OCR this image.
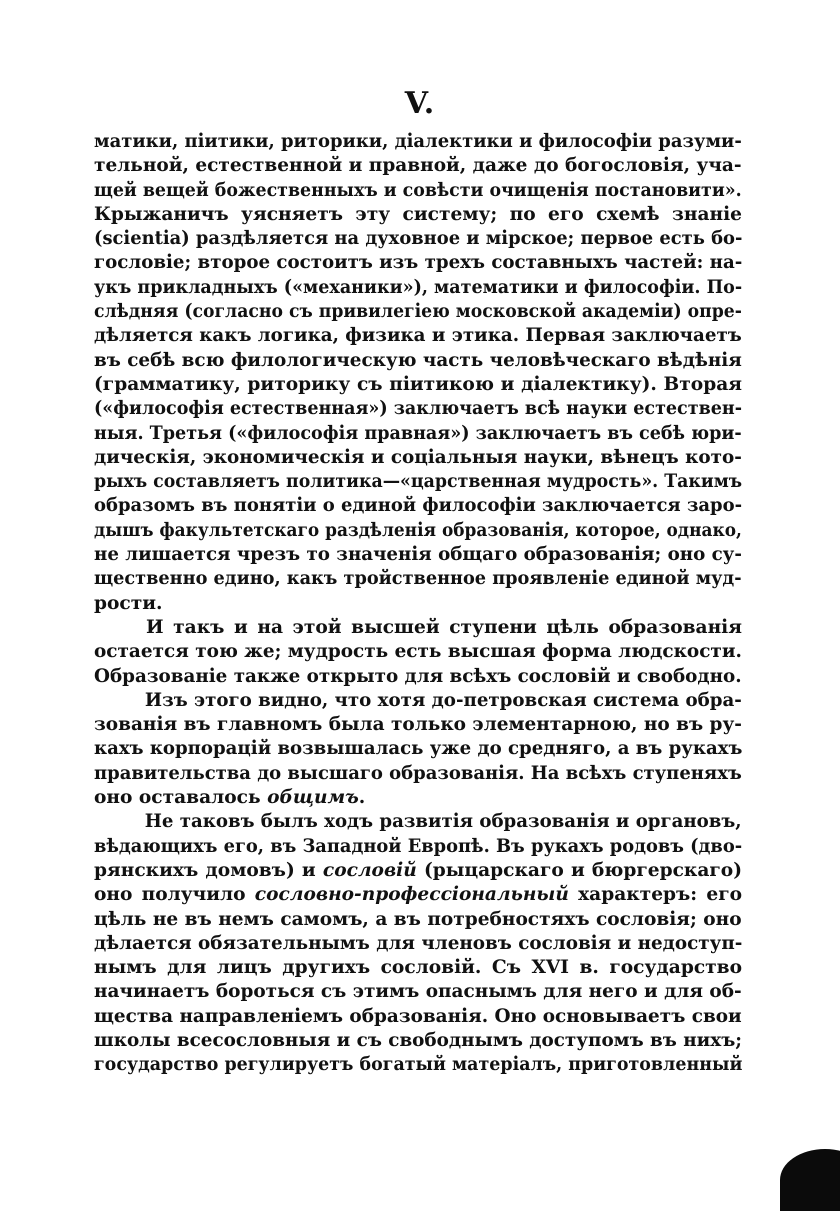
V.
матики, піитики, риторики, діалектики и философіи разуми-
тельной, естественной и правной, даже до богословія, уча-
щей вещей божественныхъ и совѣсти очищенія постановити».
Крыжаничъ уясняетъ эту систему; по его схемѣ знаніе
(scientia) раздѣляется на духовное и мірское; первое есть бо-
гословіе; второе состоитъ изъ трехъ составныхъ частей: на-
укъ прикладныхъ («механики»), математики и философіи. По-
слѣдняя (согласно съ привилегіею московской академіи) опре-
дѣляется какъ логика, физика и этика. Первая заключаетъ
въ себѣ всю филологическую часть человѣческаго вѣдѣнія
(грамматику, риторику съ піитикою и діалектику). Вторая
(«философія естественная») заключаетъ всѣ науки естествен-
ныя. Третья («философія правная») заключаетъ въ себѣ юри-
дическія, экономическія и соціальныя науки, вѣнецъ кото-
рыхъ составляетъ политика—«царственная мудрость». Такимъ
образомъ въ понятіи о единой философіи заключается заро-
дышъ факультетскаго раздѣленія образованія, которое, однако,
не лишается чрезъ то значенія общаго образованія; оно су-
щественно едино, какъ тройственное проявленіе единой муд-
рости.
И такъ и на этой высшей ступени цѣль образованія
остается тою же; мудрость есть высшая форма людскости.
Образованіе также открыто для всѣхъ сословій и свободно.
Изъ этого видно, что хотя до-петровская система обра-
зованія въ главномъ была только элементарною, но въ ру-
кахъ корпорацій возвышалась уже до средняго, а въ рукахъ
правительства до высшаго образованія. На всѣхъ ступеняхъ
оно оставалось общимъ.
Не таковъ былъ ходъ развитія образованія и органовъ,
вѣдающихъ его, въ Западной Европѣ. Въ рукахъ родовъ (дво-
рянскихъ домовъ) и сословій (рыцарскаго и бюргерскаго)
оно получило сословно-профессіональный характеръ: его
цѣль не въ немъ самомъ, а въ потребностяхъ сословія; оно
дѣлается обязательнымъ для членовъ сословія и недоступ-
нымъ для лицъ другихъ сословій. Съ XVI в. государство
начинаетъ бороться съ этимъ опаснымъ для него и для об-
щества направленіемъ образованія. Оно основываетъ свои
школы всесословныя и съ свободнымъ доступомъ въ нихъ;
государство регулируетъ богатый матеріалъ, приготовленный
